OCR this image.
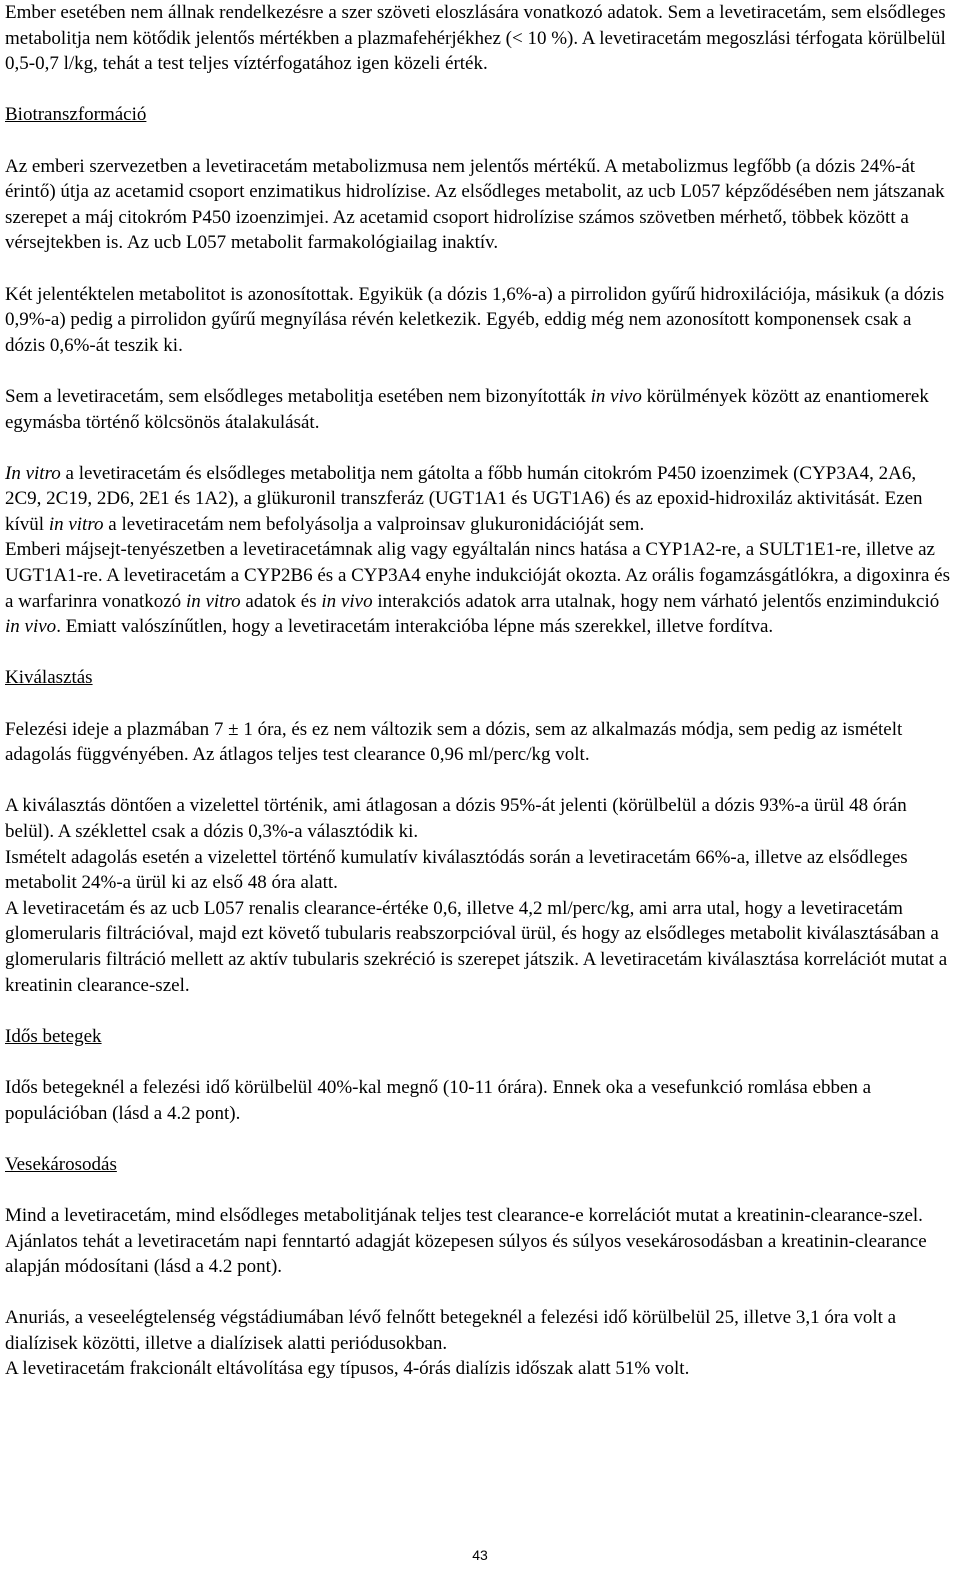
Ember esetében nem állnak rendelkezésre a szer szöveti eloszlására vonatkozó adatok. Sem a levetiracetám, sem elsődleges metabolitja nem kötődik jelentős mértékben a plazmafehérjékhez (< 10 %). A levetiracetám megoszlási térfogata körülbelül 0,5-0,7 l/kg, tehát a test teljes víztérfogatához igen közeli érték.

Biotranszformáció

Az emberi szervezetben a levetiracetám metabolizmusa nem jelentős mértékű. A metabolizmus legfőbb (a dózis 24%-át érintő) útja az acetamid csoport enzimatikus hidrolízise. Az elsődleges metabolit, az ucb L057 képződésében nem játszanak szerepet a máj citokróm P450 izoenzimjei. Az acetamid csoport hidrolízise számos szövetben mérhető, többek között a vérsejtekben is. Az ucb L057 metabolit farmakológiailag inaktív.

Két jelentéktelen metabolitot is azonosítottak. Egyikük (a dózis 1,6%-a) a pirrolidon gyűrű hidroxilációja, másikuk (a dózis 0,9%-a) pedig a pirrolidon gyűrű megnyílása révén keletkezik. Egyéb, eddig még nem azonosított komponensek csak a dózis 0,6%-át teszik ki.

Sem a levetiracetám, sem elsődleges metabolitja esetében nem bizonyították in vivo körülmények között az enantiomerek egymásba történő kölcsönös átalakulását.

In vitro a levetiracetám és elsődleges metabolitja nem gátolta a főbb humán citokróm P450 izoenzimek (CYP3A4, 2A6, 2C9, 2C19, 2D6, 2E1 és 1A2), a glükuronil transzferáz (UGT1A1 és UGT1A6) és az epoxid-hidroxiláz aktivitását. Ezen kívül in vitro a levetiracetám nem befolyásolja a valproinsav glukuronidációját sem.

Emberi májsejt-tenyészetben a levetiracetámnak alig vagy egyáltalán nincs hatása a CYP1A2-re, a SULT1E1-re, illetve az UGT1A1-re. A levetiracetám a CYP2B6 és a CYP3A4 enyhe indukcióját okozta. Az orális fogamzásgátlókra, a digoxinra és a warfarinra vonatkozó in vitro adatok és in vivo interakciós adatok arra utalnak, hogy nem várható jelentős enzimindukció in vivo. Emiatt valószínűtlen, hogy a levetiracetám interakcióba lépne más szerekkel, illetve fordítva.

Kiválasztás

Felezési ideje a plazmában 7 ± 1 óra, és ez nem változik sem a dózis, sem az alkalmazás módja, sem pedig az ismételt adagolás függvényében. Az átlagos teljes test clearance 0,96 ml/perc/kg volt.

A kiválasztás döntően a vizelettel történik, ami átlagosan a dózis 95%-át jelenti (körülbelül a dózis 93%-a ürül 48 órán belül). A széklettel csak a dózis 0,3%-a választódik ki.

Ismételt adagolás esetén a vizelettel történő kumulatív kiválasztódás során a levetiracetám 66%-a, illetve az elsődleges metabolit 24%-a ürül ki az első 48 óra alatt.

A levetiracetám és az ucb L057 renalis clearance-értéke 0,6, illetve 4,2 ml/perc/kg, ami arra utal, hogy a levetiracetám glomerularis filtrációval, majd ezt követő tubularis reabszorpcióval ürül, és hogy az elsődleges metabolit kiválasztásában a glomerularis filtráció mellett az aktív tubularis szekréció is szerepet játszik. A levetiracetám kiválasztása korrelációt mutat a kreatinin clearance-szel.

Idős betegek

Idős betegeknél a felezési idő körülbelül 40%-kal megnő (10-11 órára). Ennek oka a vesefunkció romlása ebben a populációban (lásd a 4.2 pont).

Vesekárosodás

Mind a levetiracetám, mind elsődleges metabolitjának teljes test clearance-e korrelációt mutat a kreatinin-clearance-szel. Ajánlatos tehát a levetiracetám napi fenntartó adagját közepesen súlyos és súlyos vesekárosodásban a kreatinin-clearance alapján módosítani (lásd a 4.2 pont).

Anuriás, a veseelégtelenség végstádiumában lévő felnőtt betegeknél a felezési idő körülbelül 25, illetve 3,1 óra volt a dialízisek közötti, illetve a dialízisek alatti periódusokban.

A levetiracetám frakcionált eltávolítása egy típusos, 4-órás dialízis időszak alatt 51% volt.

43
